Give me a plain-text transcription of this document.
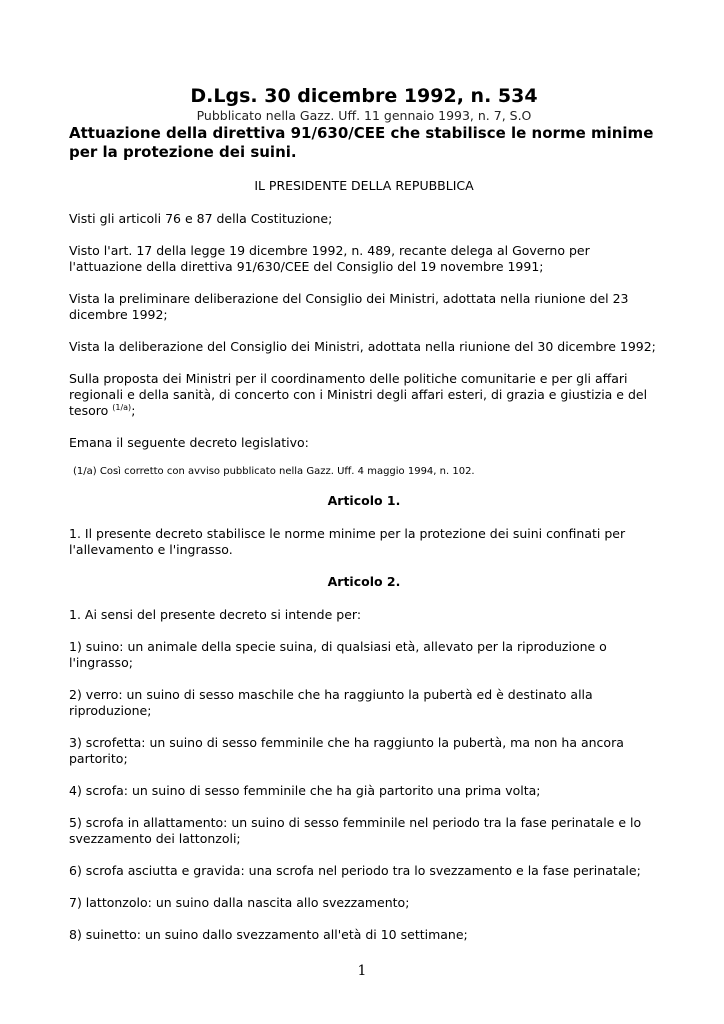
D.Lgs. 30 dicembre 1992, n. 534

Pubblicato nella Gazz. Uff. 11 gennaio 1993, n. 7, S.O

Attuazione della direttiva 91/630/CEE che stabilisce le norme minime per la protezione dei suini.

IL PRESIDENTE DELLA REPUBBLICA

Visti gli articoli 76 e 87 della Costituzione;

Visto l'art. 17 della legge 19 dicembre 1992, n. 489, recante delega al Governo per l'attuazione della direttiva 91/630/CEE del Consiglio del 19 novembre 1991;

Vista la preliminare deliberazione del Consiglio dei Ministri, adottata nella riunione del 23 dicembre 1992;

Vista la deliberazione del Consiglio dei Ministri, adottata nella riunione del 30 dicembre 1992;

Sulla proposta dei Ministri per il coordinamento delle politiche comunitarie e per gli affari regionali e della sanità, di concerto con i Ministri degli affari esteri, di grazia e giustizia e del tesoro $^{(1/a)}$;

Emana il seguente decreto legislativo:

(1/a) Così corretto con avviso pubblicato nella Gazz. Uff. 4 maggio 1994, n. 102.

Articolo 1.

1. Il presente decreto stabilisce le norme minime per la protezione dei suini confinati per l'allevamento e l'ingrasso.

Articolo 2.

1. Ai sensi del presente decreto si intende per:

1) suino: un animale della specie suina, di qualsiasi età, allevato per la riproduzione o l'ingrasso;

2) verro: un suino di sesso maschile che ha raggiunto la pubertà ed è destinato alla riproduzione;

3) scrofetta: un suino di sesso femminile che ha raggiunto la pubertà, ma non ha ancora partorito;

4) scrofa: un suino di sesso femminile che ha già partorito una prima volta;

5) scrofa in allattamento: un suino di sesso femminile nel periodo tra la fase perinatale e lo svezzamento dei lattonzoli;

6) scrofa asciutta e gravida: una scrofa nel periodo tra lo svezzamento e la fase perinatale;

7) lattonzolo: un suino dalla nascita allo svezzamento;

8) suinetto: un suino dallo svezzamento all'età di 10 settimane;

1
